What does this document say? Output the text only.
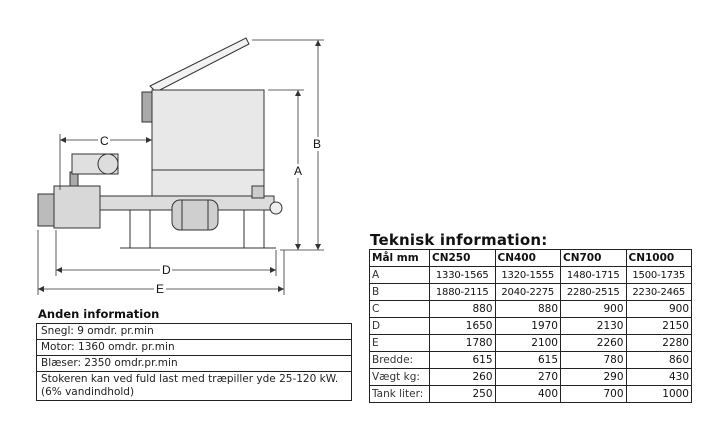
C
A
B
D
E
Anden information
Snegl: 9 omdr. pr.min
Motor: 1360 omdr. pr.min
Blæser: 2350 omdr.pr.min
Stokeren kan ved fuld last med træpiller yde 25-120 kW. (6% vandindhold)
Teknisk information:
Mål mm	CN250	CN400	CN700	CN1000
A	1330-1565	1320-1555	1480-1715	1500-1735
B	1880-2115	2040-2275	2280-2515	2230-2465
C	880	880	900	900
D	1650	1970	2130	2150
E	1780	2100	2260	2280
Bredde:	615	615	780	860
Vægt kg:	260	270	290	430
Tank liter:	250	400	700	1000
